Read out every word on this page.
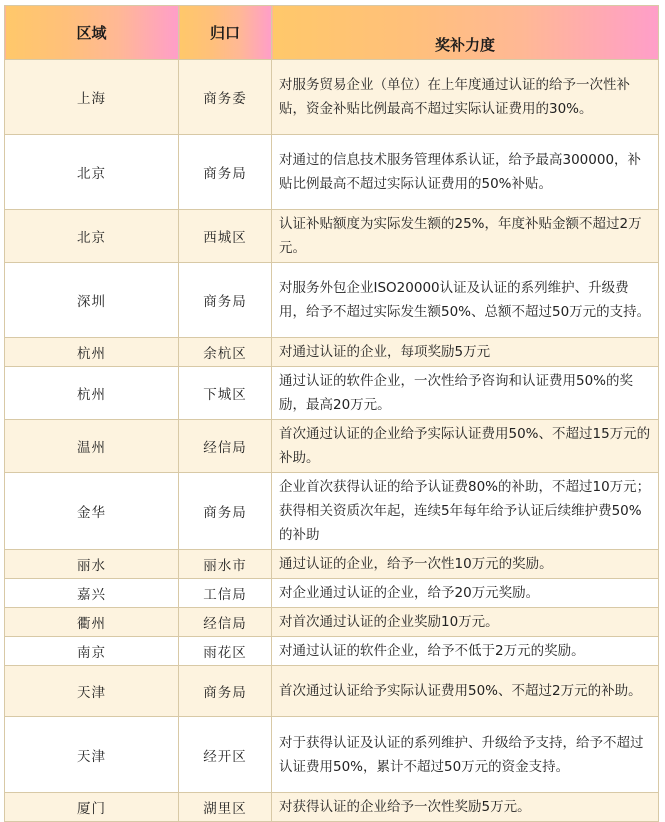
区域	归口	奖补力度
上海	商务委	对服务贸易企业（单位）在上年度通过认证的给予一次性补贴，资金补贴比例最高不超过实际认证费用的30%。
北京	商务局	对通过的信息技术服务管理体系认证，给予最高300000，补贴比例最高不超过实际认证费用的50%补贴。
北京	西城区	认证补贴额度为实际发生额的25%，年度补贴金额不超过2万元。
深圳	商务局	对服务外包企业ISO20000认证及认证的系列维护、升级费用，给予不超过实际发生额50%、总额不超过50万元的支持。
杭州	余杭区	对通过认证的企业，每项奖励5万元
杭州	下城区	通过认证的软件企业，一次性给予咨询和认证费用50%的奖励，最高20万元。
温州	经信局	首次通过认证的企业给予实际认证费用50%、不超过15万元的补助。
金华	商务局	企业首次获得认证的给予认证费80%的补助，不超过10万元；获得相关资质次年起，连续5年每年给予认证后续维护费50%的补助
丽水	丽水市	通过认证的企业，给予一次性10万元的奖励。
嘉兴	工信局	对企业通过认证的企业，给予20万元奖励。
衢州	经信局	对首次通过认证的企业奖励10万元。
南京	雨花区	对通过认证的软件企业，给予不低于2万元的奖励。
天津	商务局	首次通过认证给予实际认证费用50%、不超过2万元的补助。
天津	经开区	对于获得认证及认证的系列维护、升级给予支持，给予不超过认证费用50%，累计不超过50万元的资金支持。
厦门	湖里区	对获得认证的企业给予一次性奖励5万元。
